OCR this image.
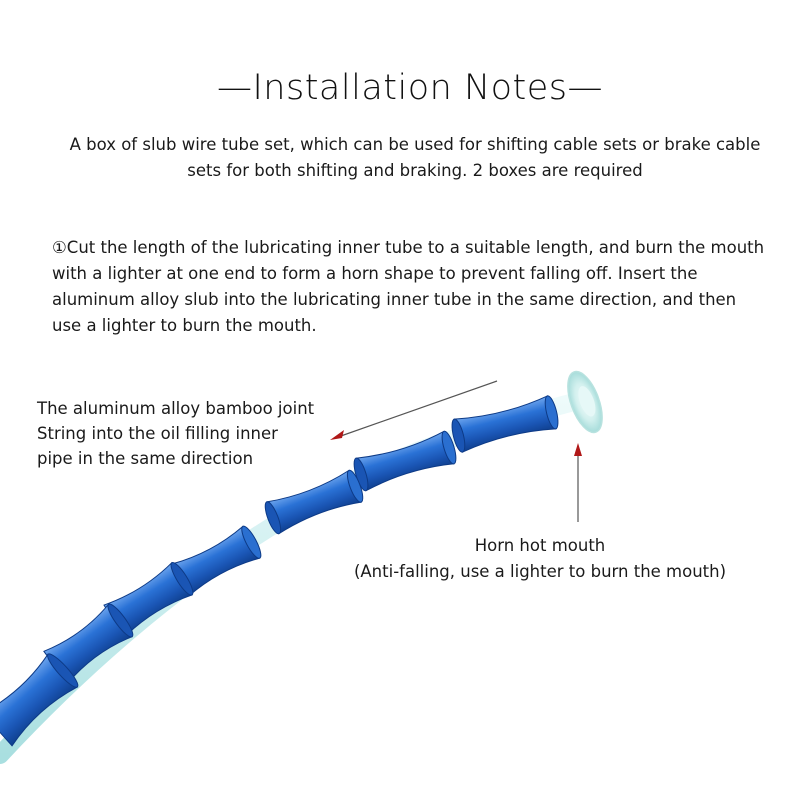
—Installation Notes—
A box of slub wire tube set, which can be used for shifting cable sets or brake cable sets for both shifting and braking. 2 boxes are required
①Cut the length of the lubricating inner tube to a suitable length, and burn the mouth
with a lighter at one end to form a horn shape to prevent falling off. Insert the
aluminum alloy slub into the lubricating inner tube in the same direction, and then
use a lighter to burn the mouth.
The aluminum alloy bamboo joint
String into the oil filling inner
pipe in the same direction
Horn hot mouth
(Anti-falling, use a lighter to burn the mouth)
